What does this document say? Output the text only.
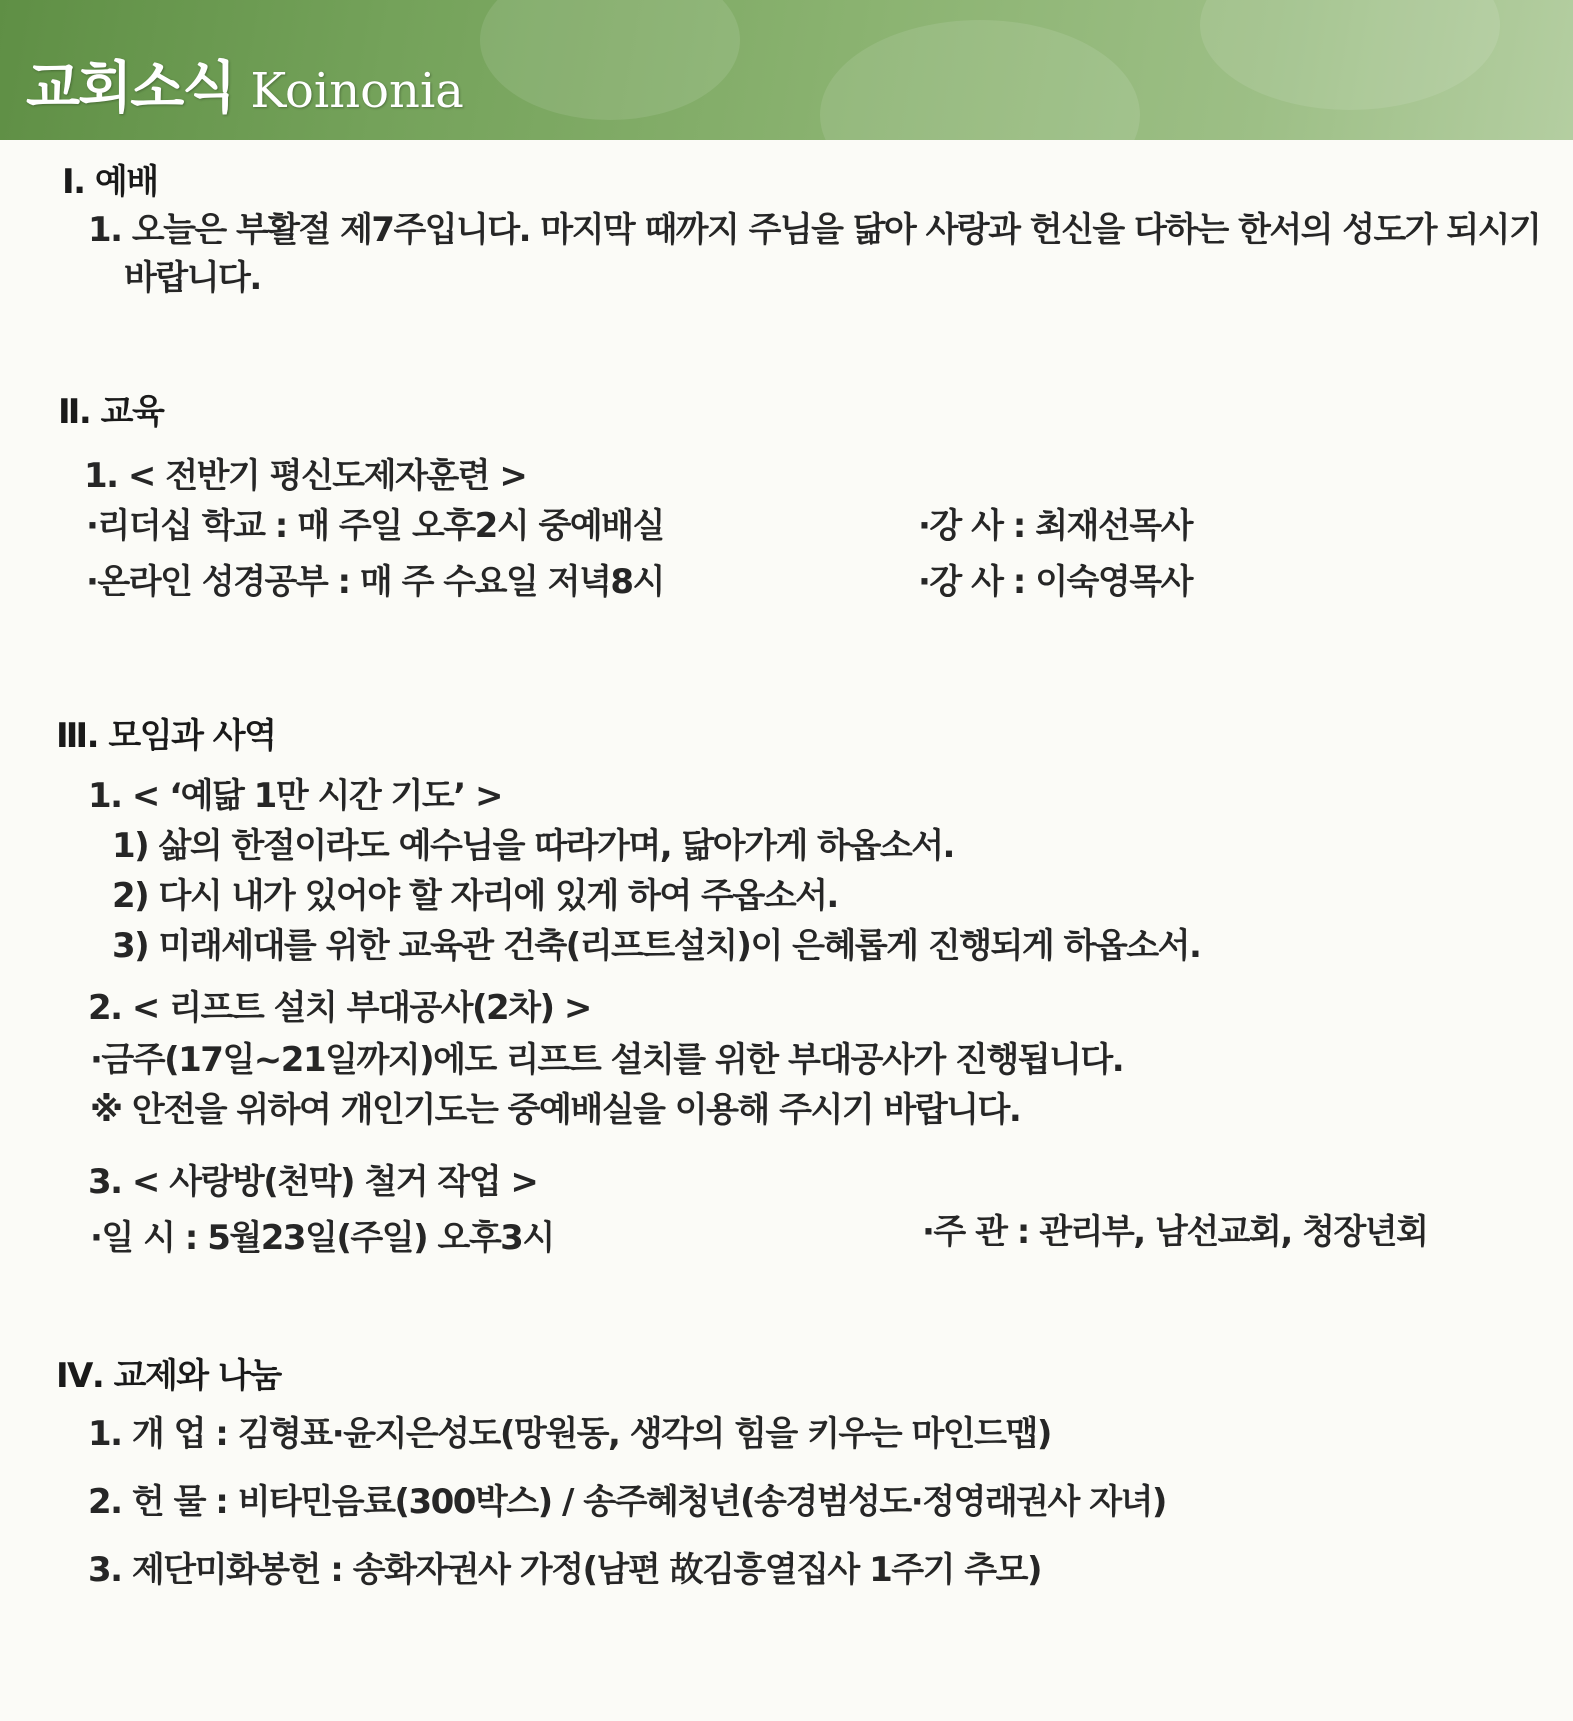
교회소식 Koinonia
Ⅰ. 예배
1. 오늘은 부활절 제7주입니다. 마지막 때까지 주님을 닮아 사랑과 헌신을 다하는 한서의 성도가 되시기
바랍니다.
Ⅱ. 교육
1. < 전반기 평신도제자훈련 >
·리더십 학교 : 매 주일 오후2시 중예배실	·강 사 : 최재선목사
·온라인 성경공부 : 매 주 수요일 저녁8시	·강 사 : 이숙영목사
Ⅲ. 모임과 사역
1. < ‘예닮 1만 시간 기도’ >
1) 삶의 한절이라도 예수님을 따라가며, 닮아가게 하옵소서.
2) 다시 내가 있어야 할 자리에 있게 하여 주옵소서.
3) 미래세대를 위한 교육관 건축(리프트설치)이 은혜롭게 진행되게 하옵소서.
2. < 리프트 설치 부대공사(2차) >
·금주(17일~21일까지)에도 리프트 설치를 위한 부대공사가 진행됩니다.
※ 안전을 위하여 개인기도는 중예배실을 이용해 주시기 바랍니다.
3. < 사랑방(천막) 철거 작업 >
·일 시 : 5월23일(주일) 오후3시	·주 관 : 관리부, 남선교회, 청장년회
Ⅳ. 교제와 나눔
1. 개 업 : 김형표·윤지은성도(망원동, 생각의 힘을 키우는 마인드맵)
2. 헌 물 : 비타민음료(300박스) / 송주혜청년(송경범성도·정영래권사 자녀)
3. 제단미화봉헌 : 송화자권사 가정(남편 故김흥열집사 1주기 추모)
